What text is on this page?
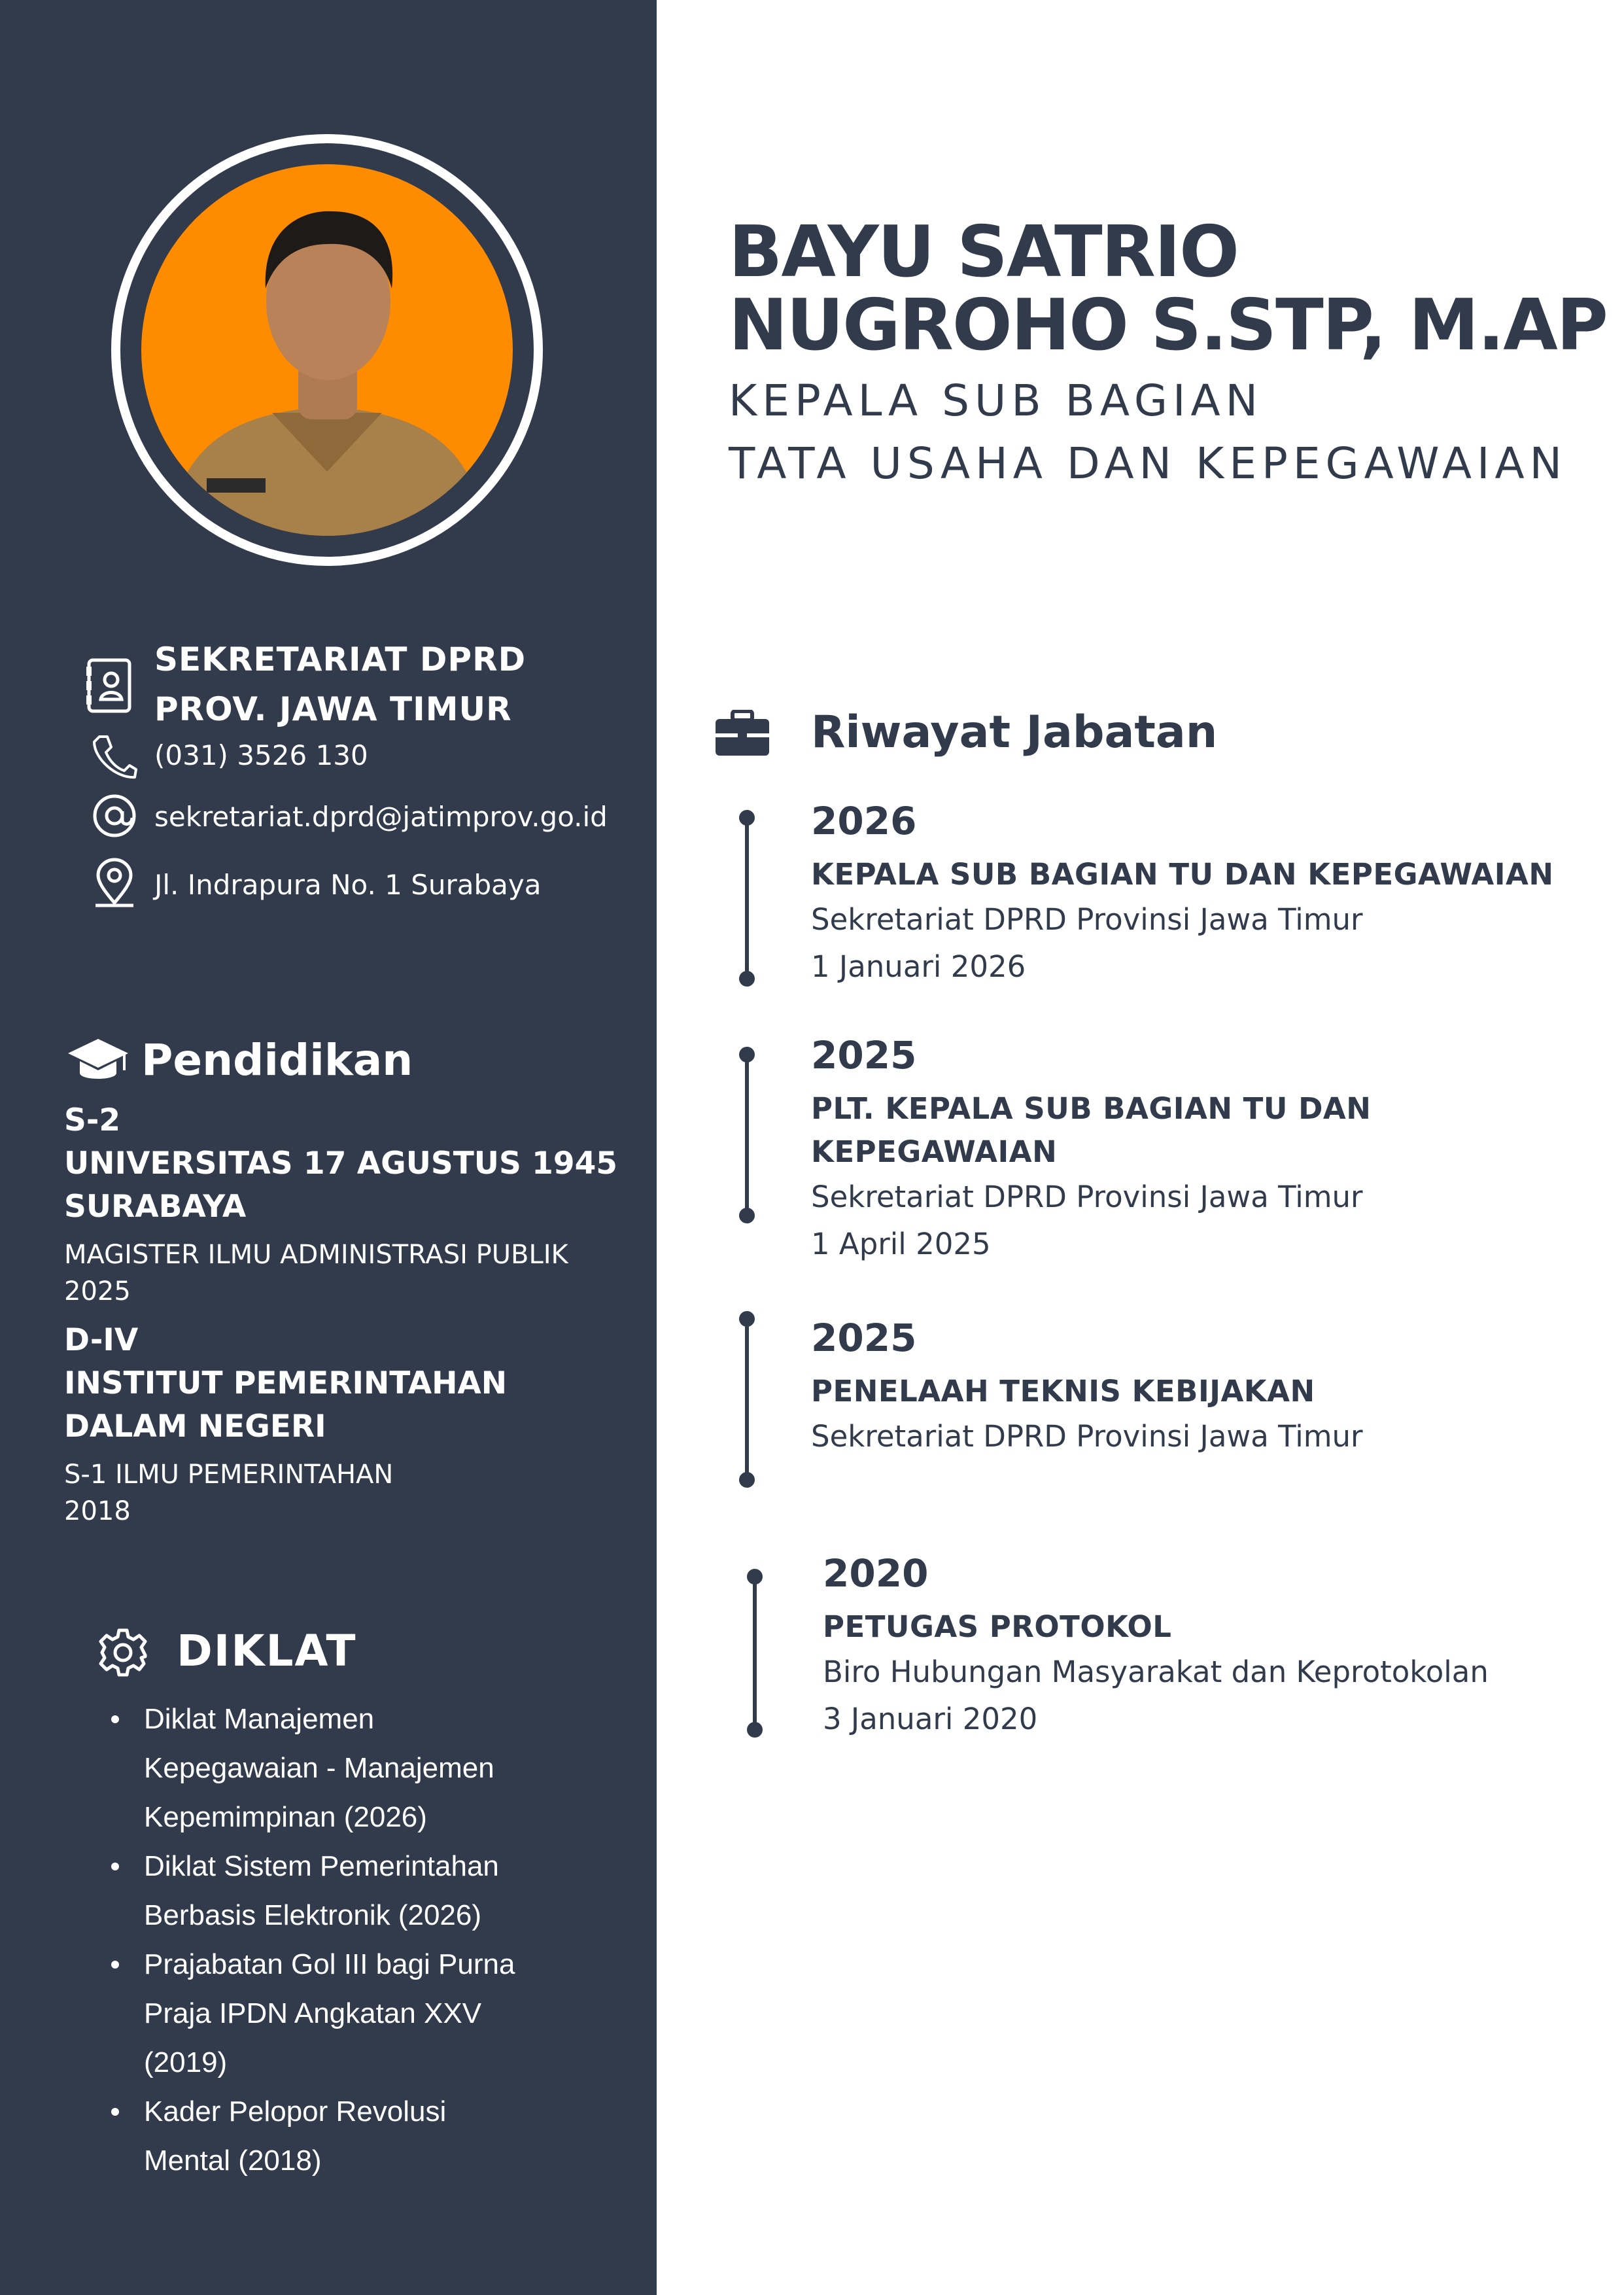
SEKRETARIAT DPRD
PROV. JAWA TIMUR
(031) 3526 130
sekretariat.dprd@jatimprov.go.id
Jl. Indrapura No. 1 Surabaya
Pendidikan
S-2
UNIVERSITAS 17 AGUSTUS 1945
SURABAYA
MAGISTER ILMU ADMINISTRASI PUBLIK
2025
D-IV
INSTITUT PEMERINTAHAN
DALAM NEGERI
S-1 ILMU PEMERINTAHAN
2018
DIKLAT
Diklat Manajemen
Kepegawaian - Manajemen
Kepemimpinan (2026)
Diklat Sistem Pemerintahan
Berbasis Elektronik (2026)
Prajabatan Gol III bagi Purna
Praja IPDN Angkatan XXV
(2019)
Kader Pelopor Revolusi
Mental (2018)
BAYU SATRIO
NUGROHO S.STP, M.AP
KEPALA SUB BAGIAN
TATA USAHA DAN KEPEGAWAIAN
Riwayat Jabatan
2026
KEPALA SUB BAGIAN TU DAN KEPEGAWAIAN
Sekretariat DPRD Provinsi Jawa Timur
1 Januari 2026
2025
PLT. KEPALA SUB BAGIAN TU DAN KEPEGAWAIAN
Sekretariat DPRD Provinsi Jawa Timur
1 April 2025
2025
PENELAAH TEKNIS KEBIJAKAN
Sekretariat DPRD Provinsi Jawa Timur
2020
PETUGAS PROTOKOL
Biro Hubungan Masyarakat dan Keprotokolan
3 Januari 2020
